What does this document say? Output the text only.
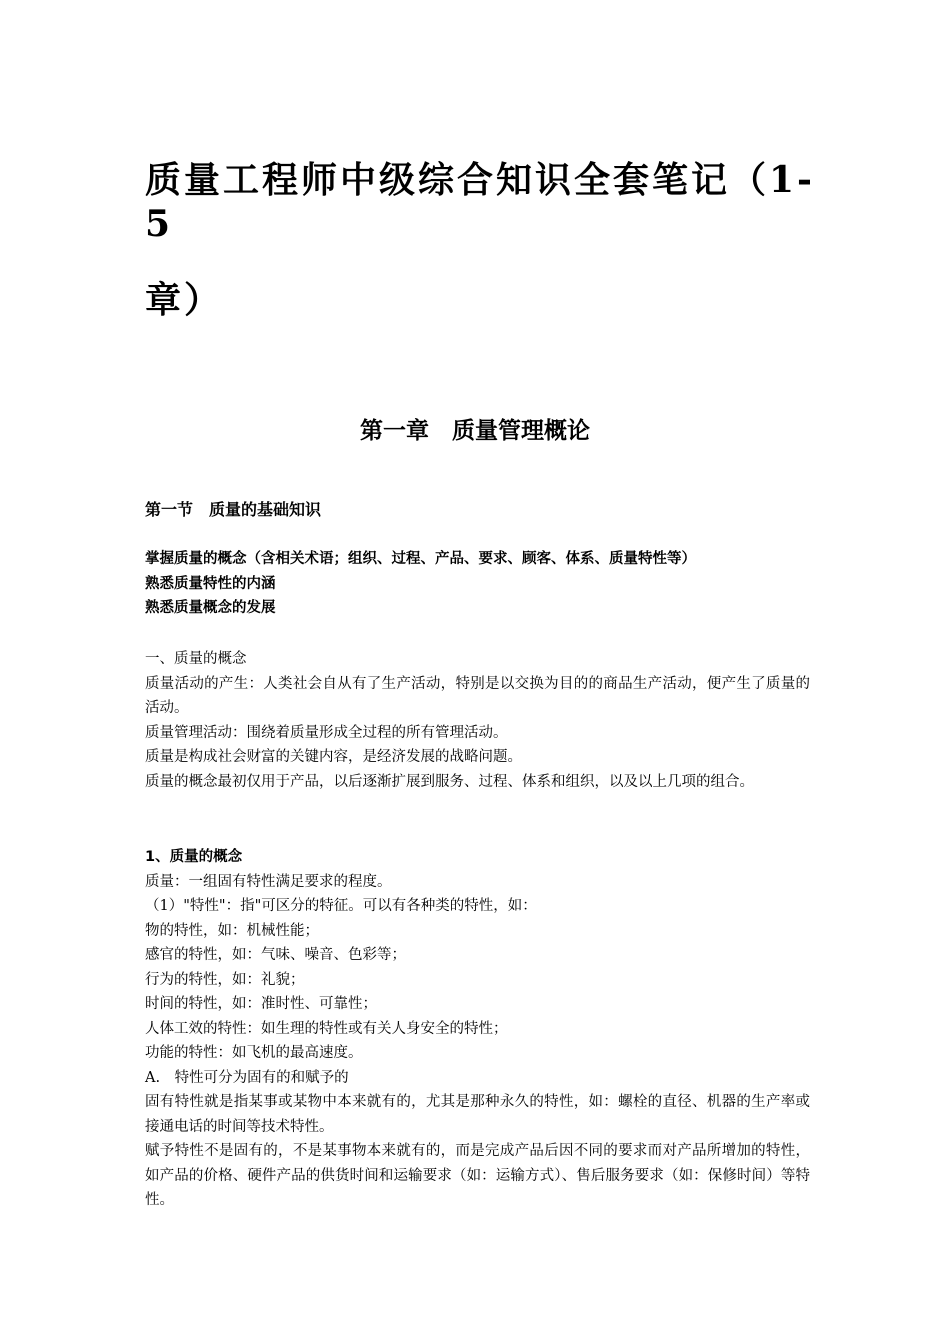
质量工程师中级综合知识全套笔记（1-5
章）
第一章　质量管理概论
第一节　质量的基础知识

掌握质量的概念（含相关术语；组织、过程、产品、要求、顾客、体系、质量特性等）

熟悉质量特性的内涵

熟悉质量概念的发展

一、质量的概念

质量活动的产生：人类社会自从有了生产活动，特别是以交换为目的的商品生产活动，便产生了质量的活动。

质量管理活动：围绕着质量形成全过程的所有管理活动。

质量是构成社会财富的关键内容，是经济发展的战略问题。

质量的概念最初仅用于产品，以后逐渐扩展到服务、过程、体系和组织，以及以上几项的组合。

1、质量的概念

质量：一组固有特性满足要求的程度。

（1）"特性"：指"可区分的特征。可以有各种类的特性，如：

物的特性，如：机械性能；

感官的特性，如：气味、噪音、色彩等；

行为的特性，如：礼貌；

时间的特性，如：准时性、可靠性；

人体工效的特性：如生理的特性或有关人身安全的特性；

功能的特性：如飞机的最高速度。

A.　特性可分为固有的和赋予的

固有特性就是指某事或某物中本来就有的，尤其是那种永久的特性，如：螺栓的直径、机器的生产率或接通电话的时间等技术特性。

赋予特性不是固有的，不是某事物本来就有的，而是完成产品后因不同的要求而对产品所增加的特性，如产品的价格、硬件产品的供货时间和运输要求（如：运输方式）、售后服务要求（如：保修时间）等特性。
